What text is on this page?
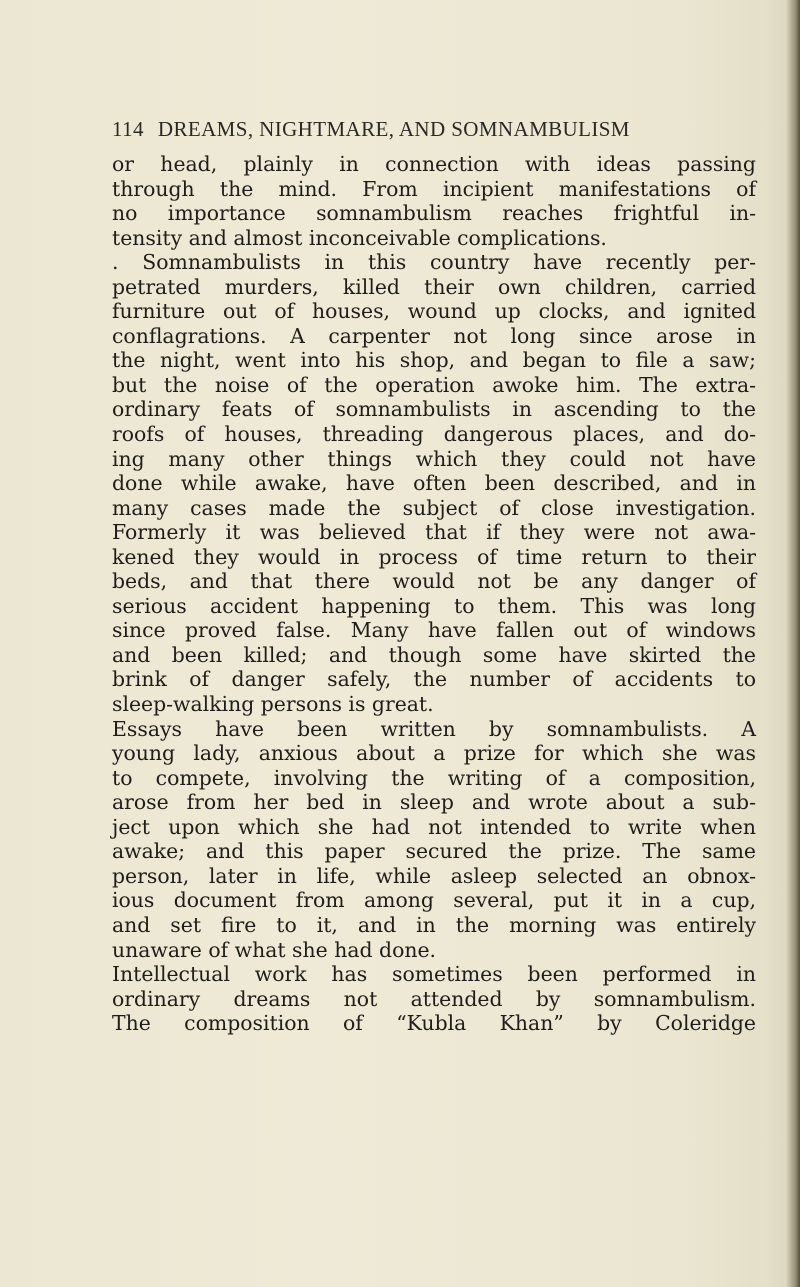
114 DREAMS, NIGHTMARE, AND SOMNAMBULISM
or head, plainly in connection with ideas passing
through the mind. From incipient manifestations of
no importance somnambulism reaches frightful in-
tensity and almost inconceivable complications.
. Somnambulists in this country have recently per-
petrated murders, killed their own children, carried
furniture out of houses, wound up clocks, and ignited
conflagrations. A carpenter not long since arose in
the night, went into his shop, and began to file a saw;
but the noise of the operation awoke him. The extra-
ordinary feats of somnambulists in ascending to the
roofs of houses, threading dangerous places, and do-
ing many other things which they could not have
done while awake, have often been described, and in
many cases made the subject of close investigation.
Formerly it was believed that if they were not awa-
kened they would in process of time return to their
beds, and that there would not be any danger of
serious accident happening to them. This was long
since proved false. Many have fallen out of windows
and been killed; and though some have skirted the
brink of danger safely, the number of accidents to
sleep-walking persons is great.
Essays have been written by somnambulists. A
young lady, anxious about a prize for which she was
to compete, involving the writing of a composition,
arose from her bed in sleep and wrote about a sub-
ject upon which she had not intended to write when
awake; and this paper secured the prize. The same
person, later in life, while asleep selected an obnox-
ious document from among several, put it in a cup,
and set fire to it, and in the morning was entirely
unaware of what she had done.
Intellectual work has sometimes been performed in
ordinary dreams not attended by somnambulism.
The composition of “Kubla Khan” by Coleridge
